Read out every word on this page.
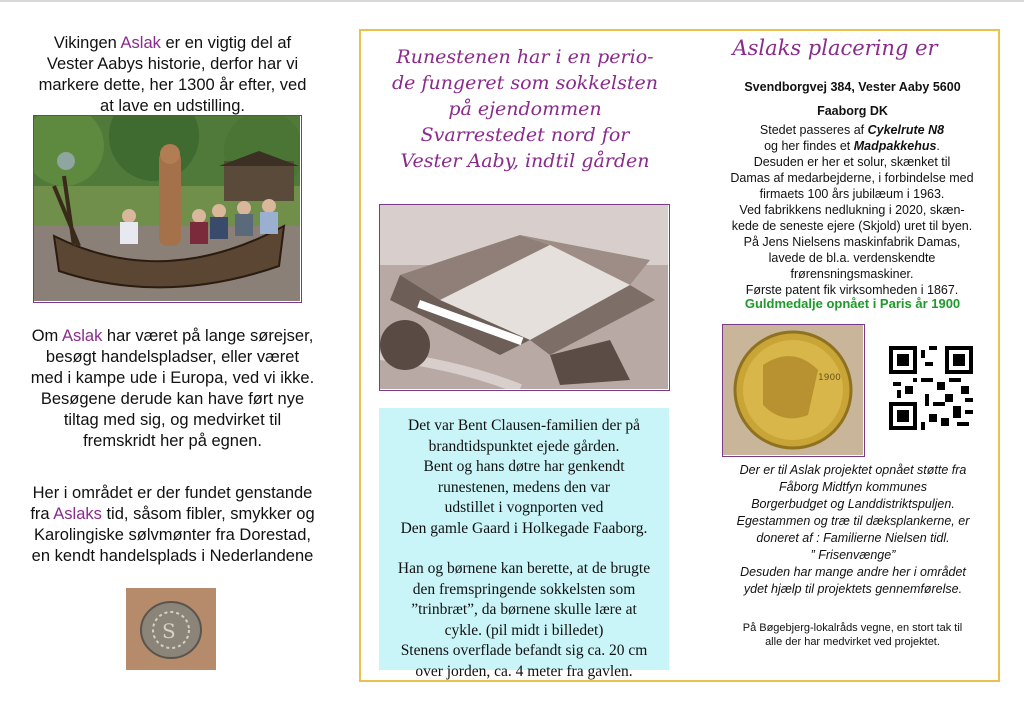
Vikingen Aslak er en vigtig del af Vester Aabys historie, derfor har vi markere dette, her 1300 år efter, ved at lave en udstilling.

Om Aslak har været på lange sørejser, besøgt handelspladser, eller været med i kampe ude i Europa, ved vi ikke. Besøgene derude kan have ført nye tiltag med sig, og medvirket til fremskridt her på egnen.

Her i området er der fundet genstande fra Aslaks tid, såsom fibler, smykker og Karolingiske sølvmønter fra Dorestad, en kendt handelsplads i Nederlandene

S
Runestenen har i en perio-
de fungeret som sokkelsten
på ejendommen
Svarrestedet nord for
Vester Aaby, indtil gården

Det var Bent Clausen-familien der på
brandtidspunktet ejede gården.
Bent og hans døtre har genkendt
runestenen, medens den var
udstillet i vognporten ved
Den gamle Gaard i Holkegade Faaborg.

Han og børnene kan berette, at de brugte
den fremspringende sokkelsten som
”trinbræt”, da børnene skulle lære at
cykle. (pil midt i billedet)
Stenens overflade befandt sig ca. 20 cm
over jorden, ca. 4 meter fra gavlen.

Aslaks placering er
Svendborgvej 384, Vester Aaby 5600
Faaborg DK

Stedet passeres af Cykelrute N8

og her findes et Madpakkehus.

Desuden er her et solur, skænket til

Damas af medarbejderne, i forbindelse med

firmaets 100 års jubilæum i 1963.

Ved fabrikkens nedlukning i 2020, skæn-

kede de seneste ejere (Skjold) uret til byen.

På Jens Nielsens maskinfabrik Damas,

lavede de bl.a. verdenskendte

frørensningsmaskiner.

Første patent fik virksomheden i 1867.

Guldmedalje opnået i Paris år 1900
1900

Der er til Aslak projektet opnået støtte fra

Fåborg Midtfyn kommunes

Borgerbudget og Landdistriktspuljen.

Egestammen og træ til dæksplankerne, er

doneret af : Familierne Nielsen tidl.

” Frisenvænge”

Desuden har mange andre her i området

ydet hjælp til projektets gennemførelse.

På Bøgebjerg-lokalråds vegne, en stort tak til
alle der har medvirket ved projektet.
